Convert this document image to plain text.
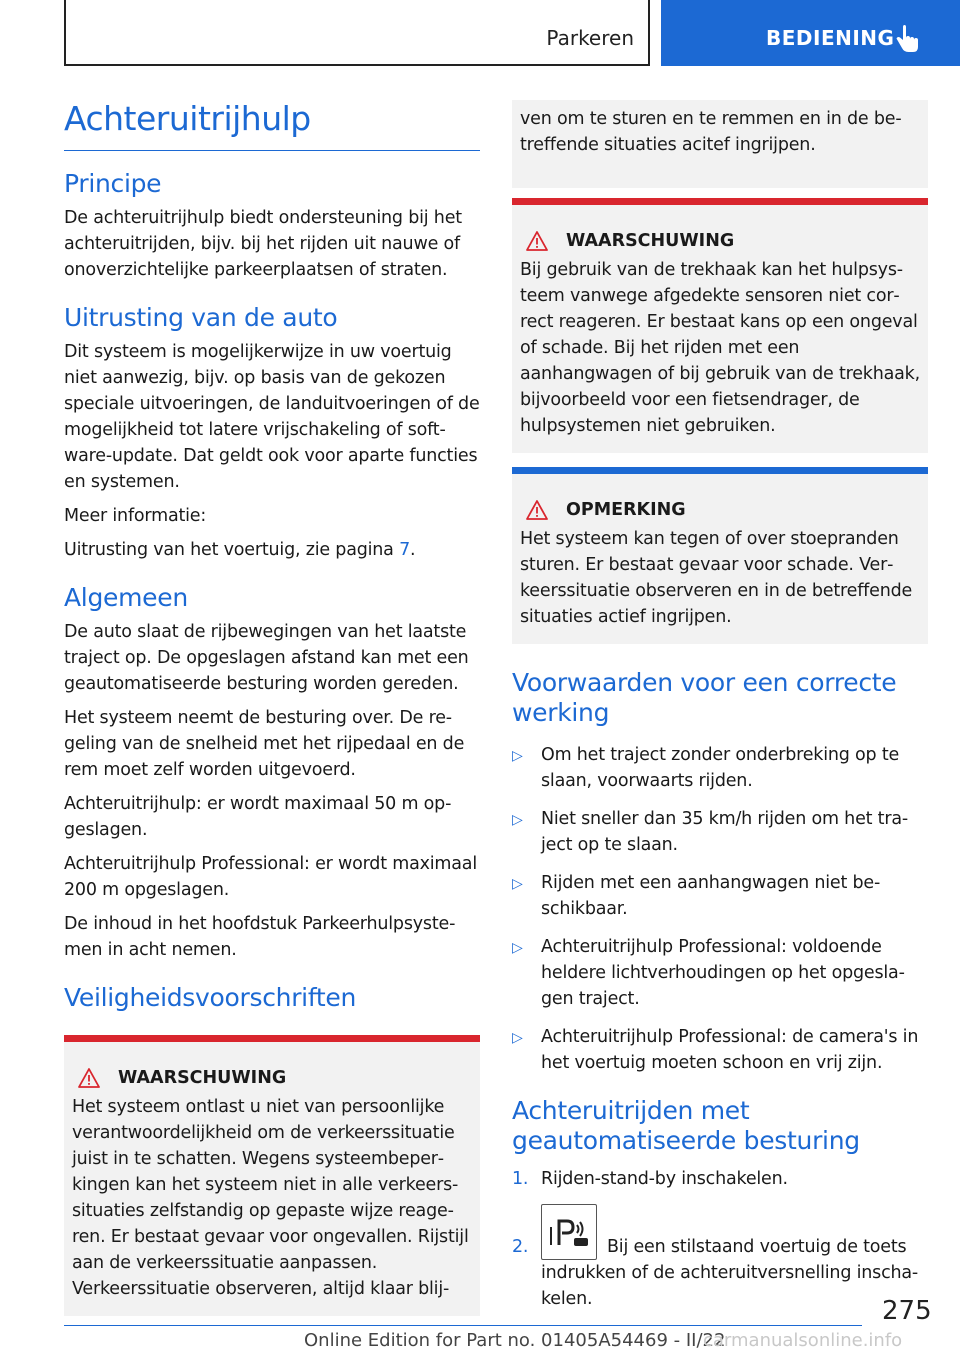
Parkeren	BEDIENING
Achteruitrijhulp
Principe

De achteruitrijhulp biedt ondersteuning bij het achteruitrijden, bijv. bij het rijden uit nauwe of onoverzichtelijke parkeerplaatsen of straten.

Uitrusting van de auto

Dit systeem is mogelijkerwijze in uw voertuig niet aanwezig, bijv. op basis van de gekozen speciale uitvoeringen, de landuitvoeringen of de mogelijkheid tot latere vrijschakeling of software-update. Dat geldt ook voor aparte functies en systemen.

Meer informatie:

Uitrusting van het voertuig, zie pagina 7.

Algemeen

De auto slaat de rijbewegingen van het laatste traject op. De opgeslagen afstand kan met een geautomatiseerde besturing worden gereden.

Het systeem neemt de besturing over. De regeling van de snelheid met het rijpedaal en de rem moet zelf worden uitgevoerd.

Achteruitrijhulp: er wordt maximaal 50 m opgeslagen.

Achteruitrijhulp Professional: er wordt maximaal 200 m opgeslagen.

De inhoud in het hoofdstuk Parkeerhulpsystemen in acht nemen.

Veiligheidsvoorschriften
WAARSCHUWING

Het systeem ontlast u niet van persoonlijke verantwoordelijkheid om de verkeerssituatie juist in te schatten. Wegens systeembeperkingen kan het systeem niet in alle verkeerssituaties zelfstandig op gepaste wijze reageren. Er bestaat gevaar voor ongevallen. Rijstijl aan de verkeerssituatie aanpassen. Verkeerssituatie observeren, altijd klaar blij-

ven om te sturen en te remmen en in de betreffende situaties acitef ingrijpen.

WAARSCHUWING

Bij gebruik van de trekhaak kan het hulpsysteem vanwege afgedekte sensoren niet correct reageren. Er bestaat kans op een ongeval of schade. Bij het rijden met een aanhangwagen of bij gebruik van de trekhaak, bijvoorbeeld voor een fietsendrager, de hulpsystemen niet gebruiken.

OPMERKING

Het systeem kan tegen of over stoepranden sturen. Er bestaat gevaar voor schade. Verkeerssituatie observeren en in de betreffende situaties actief ingrijpen.

Voorwaarden voor een correcte werking
▷	Om het traject zonder onderbreking op te slaan, voorwaarts rijden.
▷	Niet sneller dan 35 km/h rijden om het traject op te slaan.
▷	Rijden met een aanhangwagen niet beschikbaar.
▷	Achteruitrijhulp Professional: voldoende heldere lichtverhoudingen op het opgeslagen traject.
▷	Achteruitrijhulp Professional: de camera's in het voertuig moeten schoon en vrij zijn.
Achteruitrijden met geautomatiseerde besturing
1. Rijden-stand-by inschakelen.
2.	Bij een stilstaand voertuig de toets indrukken of de achteruitversnelling inschakelen.	275
Online Edition for Part no. 01405A54469 - II/22
carmanualsonline.info
